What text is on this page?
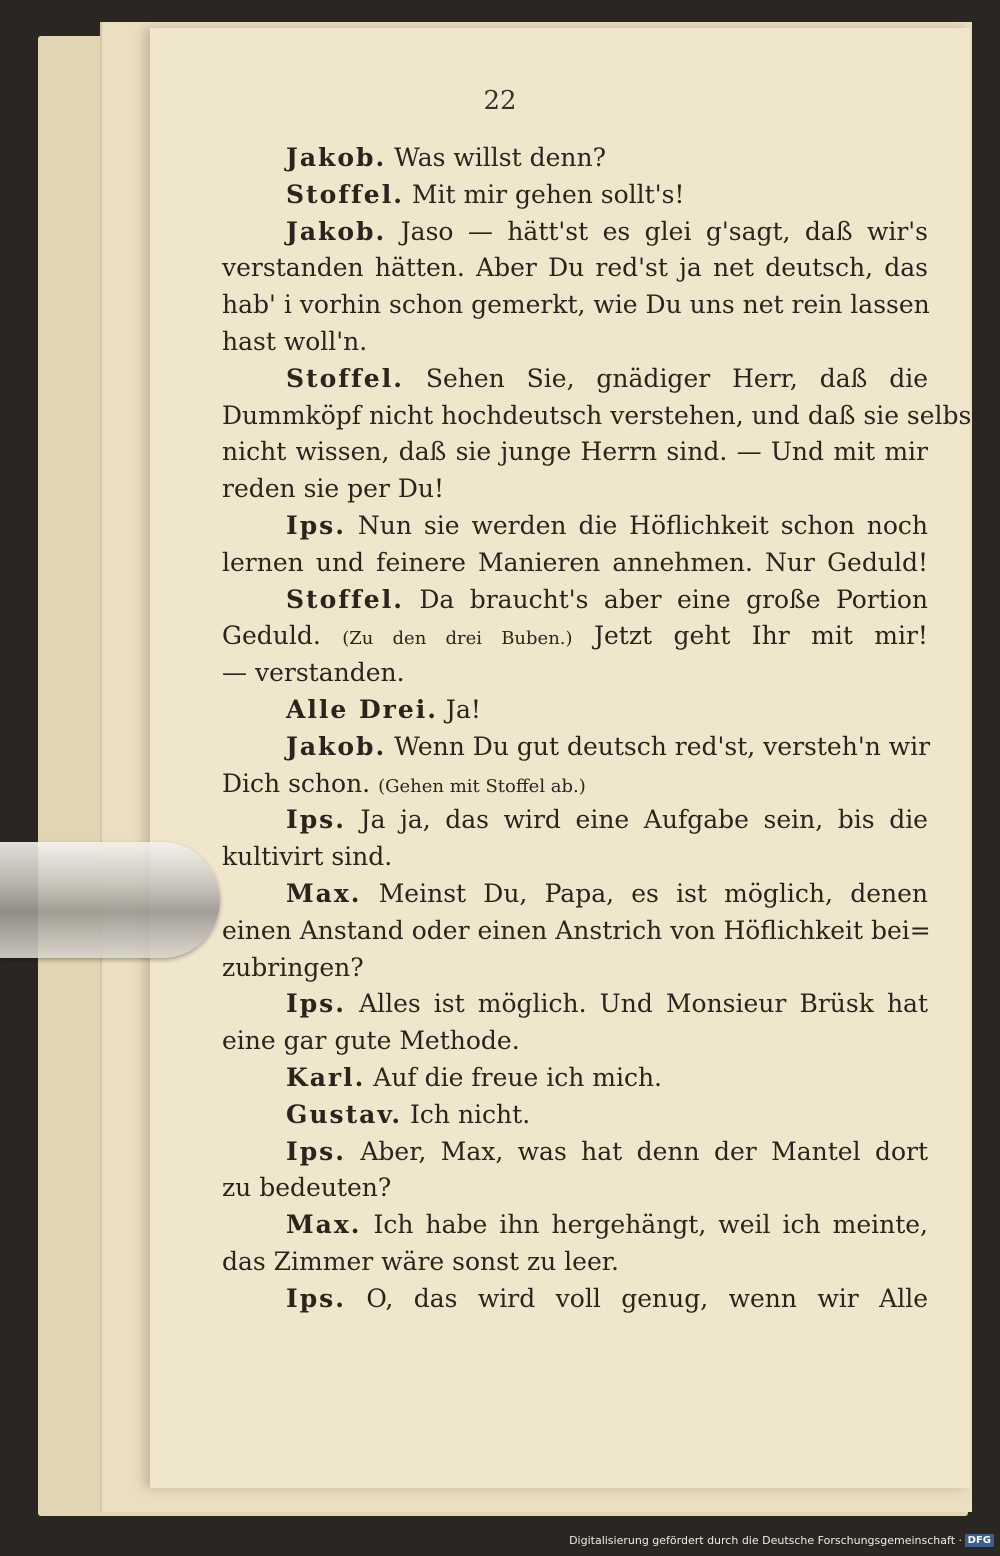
22
Jakob. Was willst denn?
Stoffel. Mit mir gehen sollt's!
Jakob. Jaso — hätt'st es glei g'sagt, daß wir's
verstanden hätten. Aber Du red'st ja net deutsch, das
hab' i vorhin schon gemerkt, wie Du uns net rein lassen
hast woll'n.
Stoffel. Sehen Sie, gnädiger Herr, daß die
Dummköpf nicht hochdeutsch verstehen, und daß sie selbst
nicht wissen, daß sie junge Herrn sind. — Und mit mir
reden sie per Du!
Ips. Nun sie werden die Höflichkeit schon noch
lernen und feinere Manieren annehmen. Nur Geduld!
Stoffel. Da braucht's aber eine große Portion
Geduld. (Zu den drei Buben.) Jetzt geht Ihr mit mir!
— verstanden.
Alle Drei. Ja!
Jakob. Wenn Du gut deutsch red'st, versteh'n wir
Dich schon. (Gehen mit Stoffel ab.)
Ips. Ja ja, das wird eine Aufgabe sein, bis die
kultivirt sind.
Max. Meinst Du, Papa, es ist möglich, denen
einen Anstand oder einen Anstrich von Höflichkeit bei=
zubringen?
Ips. Alles ist möglich. Und Monsieur Brüsk hat
eine gar gute Methode.
Karl. Auf die freue ich mich.
Gustav. Ich nicht.
Ips. Aber, Max, was hat denn der Mantel dort
zu bedeuten?
Max. Ich habe ihn hergehängt, weil ich meinte,
das Zimmer wäre sonst zu leer.
Ips. O, das wird voll genug, wenn wir Alle
Digitalisierung gefördert durch die Deutsche Forschungsgemeinschaft · DFG
